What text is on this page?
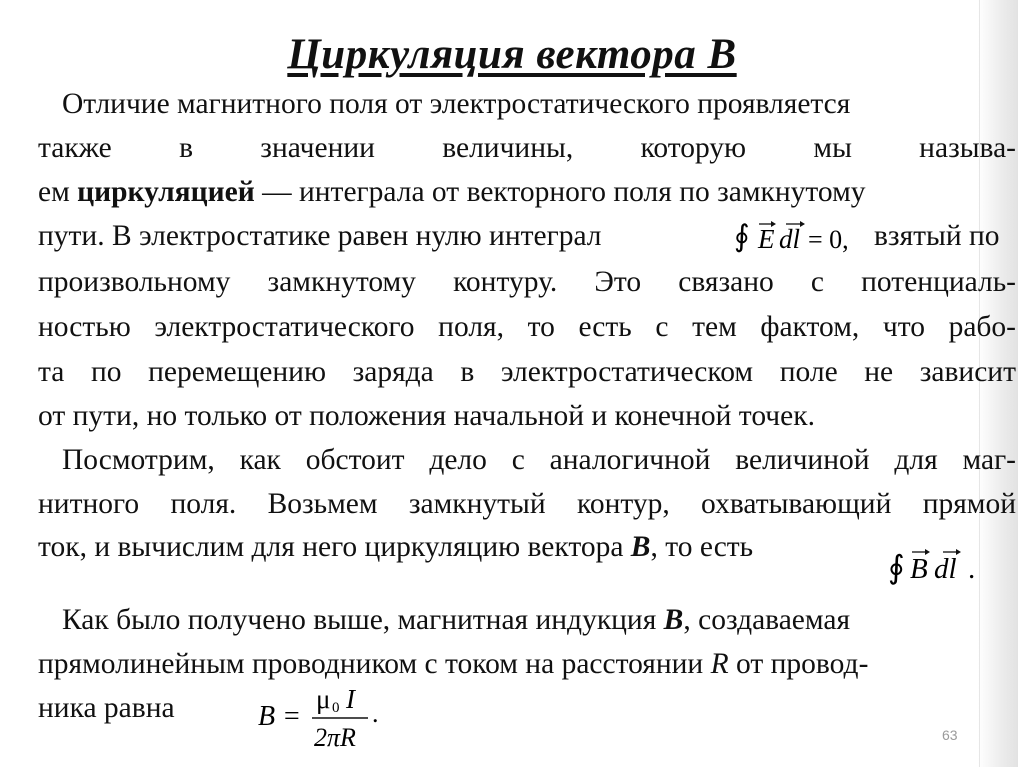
Циркуляция вектора В
Отличие магнитного поля от электростатического проявляется
также в значении величины, которую мы называ-
ем циркуляцией — интеграла от векторного поля по замкнутому
пути. В электростатике равен нулю интеграл	взятый по
произвольному замкнутому контуру. Это связано с потенциаль-
ностью электростатического поля, то есть с тем фактом, что рабо-
та по перемещению заряда в электростатическом поле не зависит
от пути, но только от положения начальной и конечной точек.
∮ E dl = 0,
Посмотрим, как обстоит дело с аналогичной величиной для маг-
нитного поля. Возьмем замкнутый контур, охватывающий прямой
ток, и вычислим для него циркуляцию вектора B, то есть
∮ B dl .
Как было получено выше, магнитная индукция B, создаваемая
прямолинейным проводником с током на расстоянии R от провод-
ника равна	B =
μ 0 I
2πR
.
63
